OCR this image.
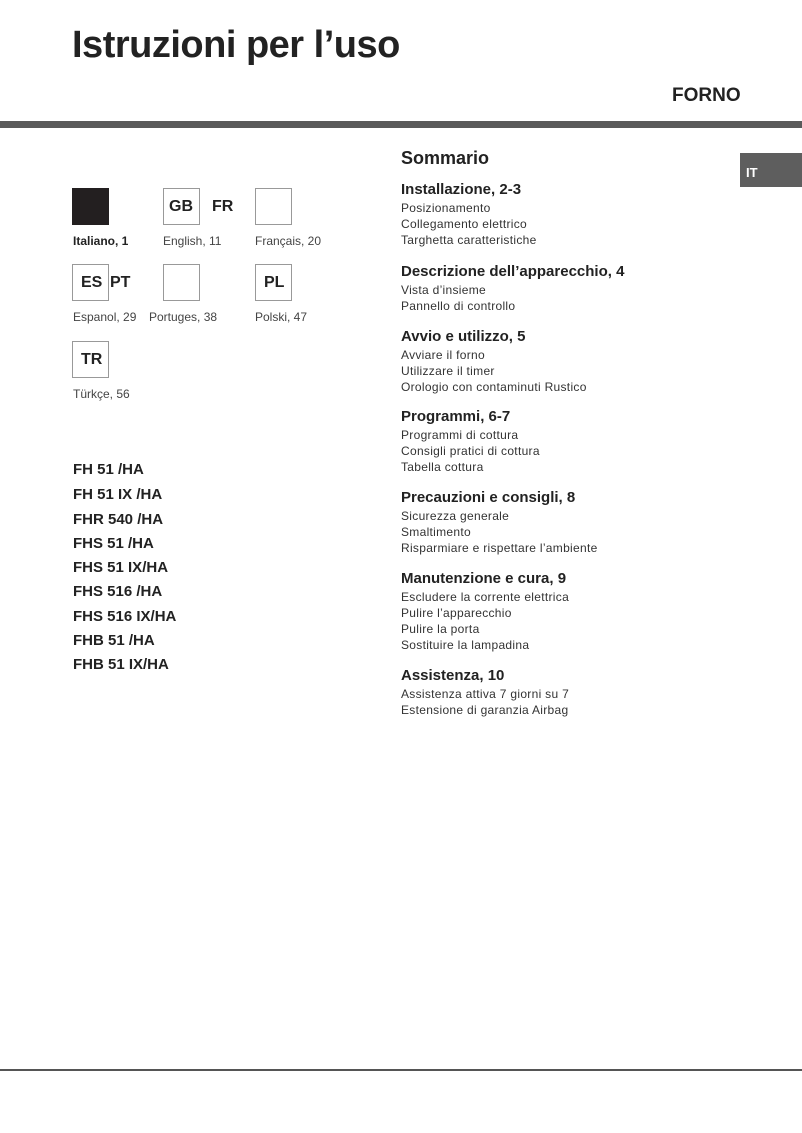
Istruzioni per l’uso
FORNO
IT
Italiano, 1
GB
English, 11
FR
Français, 20
ES PT	PL
Espanol, 29 Portuges, 38	Polski, 47
TR
Türkçe, 56
FH 51 /HA
FH 51 IX /HA
FHR 540 /HA
FHS 51 /HA
FHS 51 IX/HA
FHS 516 /HA
FHS 516 IX/HA
FHB 51 /HA
FHB 51 IX/HA
Sommario
Installazione, 2-3
Posizionamento
Collegamento elettrico
Targhetta caratteristiche
Descrizione dell’apparecchio, 4
Vista d’insieme
Pannello di controllo
Avvio e utilizzo, 5
Avviare il forno
Utilizzare il timer
Orologio con contaminuti Rustico
Programmi, 6-7
Programmi di cottura
Consigli pratici di cottura
Tabella cottura
Precauzioni e consigli, 8
Sicurezza generale
Smaltimento
Risparmiare e rispettare l’ambiente
Manutenzione e cura, 9
Escludere la corrente elettrica
Pulire l’apparecchio
Pulire la porta
Sostituire la lampadina
Assistenza, 10
Assistenza attiva 7 giorni su 7
Estensione di garanzia Airbag
